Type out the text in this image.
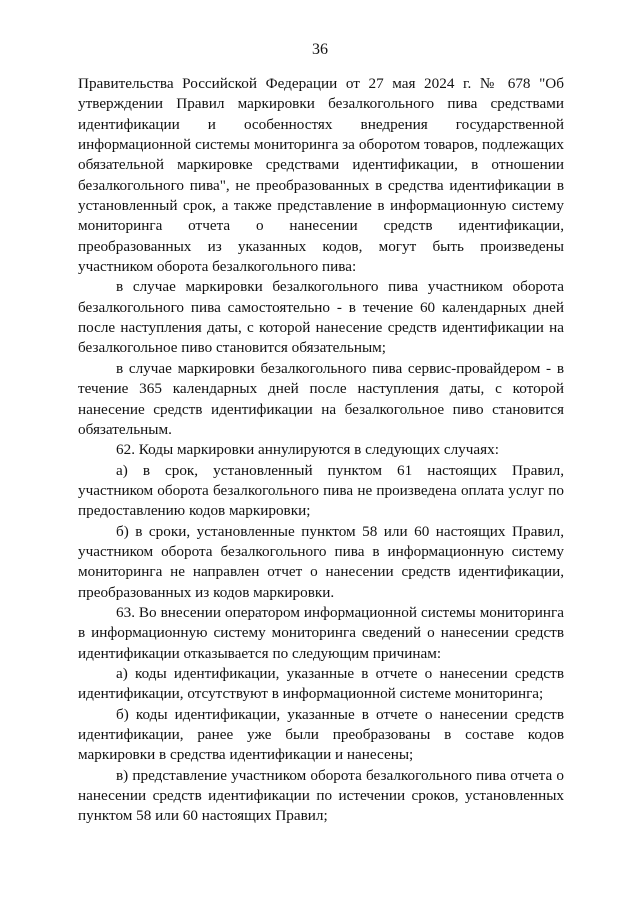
36

Правительства Российской Федерации от 27 мая 2024 г. № 678 "Об утверждении Правил маркировки безалкогольного пива средствами идентификации и особенностях внедрения государственной информационной системы мониторинга за оборотом товаров, подлежащих обязательной маркировке средствами идентификации, в отношении безалкогольного пива", не преобразованных в средства идентификации в установленный срок, а также представление в информационную систему мониторинга отчета о нанесении средств идентификации, преобразованных из указанных кодов, могут быть произведены участником оборота безалкогольного пива:

в случае маркировки безалкогольного пива участником оборота безалкогольного пива самостоятельно - в течение 60 календарных дней после наступления даты, с которой нанесение средств идентификации на безалкогольное пиво становится обязательным;

в случае маркировки безалкогольного пива сервис-провайдером - в течение 365 календарных дней после наступления даты, с которой нанесение средств идентификации на безалкогольное пиво становится обязательным.

62. Коды маркировки аннулируются в следующих случаях:

а) в срок, установленный пунктом 61 настоящих Правил, участником оборота безалкогольного пива не произведена оплата услуг по предоставлению кодов маркировки;

б) в сроки, установленные пунктом 58 или 60 настоящих Правил, участником оборота безалкогольного пива в информационную систему мониторинга не направлен отчет о нанесении средств идентификации, преобразованных из кодов маркировки.

63. Во внесении оператором информационной системы мониторинга в информационную систему мониторинга сведений о нанесении средств идентификации отказывается по следующим причинам:

а) коды идентификации, указанные в отчете о нанесении средств идентификации, отсутствуют в информационной системе мониторинга;

б) коды идентификации, указанные в отчете о нанесении средств идентификации, ранее уже были преобразованы в составе кодов маркировки в средства идентификации и нанесены;

в) представление участником оборота безалкогольного пива отчета о нанесении средств идентификации по истечении сроков, установленных пунктом 58 или 60 настоящих Правил;
